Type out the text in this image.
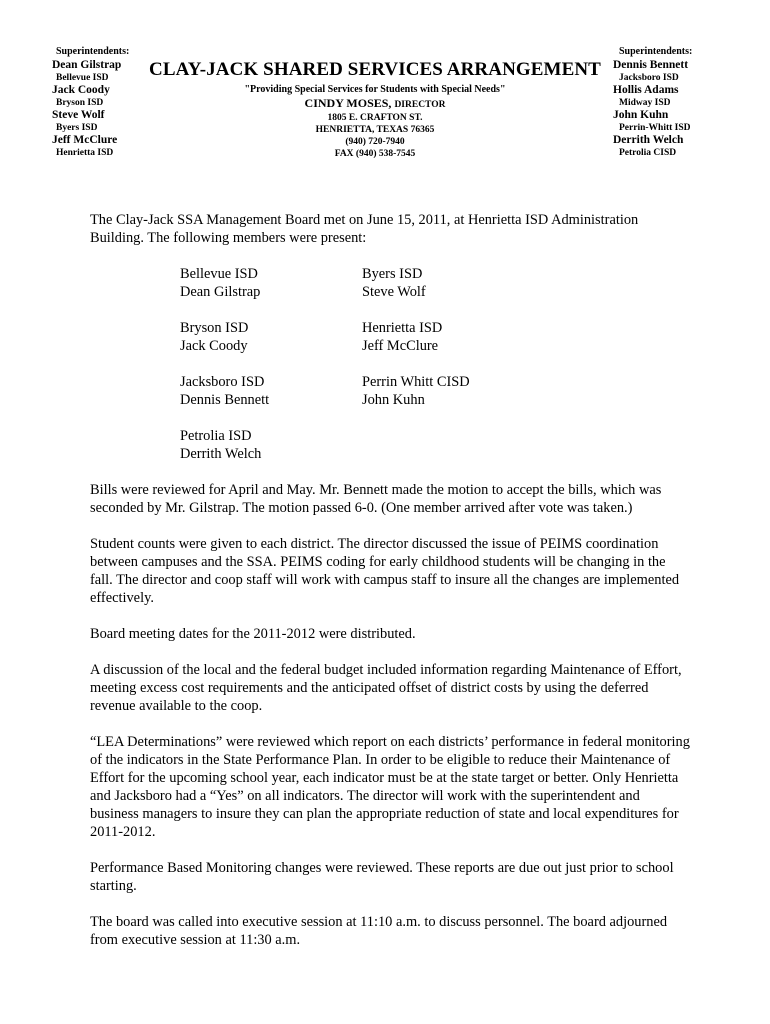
Superintendents:
Dean Gilstrap
Bellevue ISD
Jack Coody
Bryson ISD
Steve Wolf
Byers ISD
Jeff McClure
Henrietta ISD
CLAY-JACK SHARED SERVICES ARRANGEMENT
"Providing Special Services for Students with Special Needs"
CINDY MOSES, DIRECTOR
1805 E. CRAFTON ST.
HENRIETTA, TEXAS 76365
(940) 720-7940
FAX (940) 538-7545
Superintendents:
Dennis Bennett
Jacksboro ISD
Hollis Adams
Midway ISD
John Kuhn
Perrin-Whitt ISD
Derrith Welch
Petrolia CISD

The Clay-Jack SSA Management Board met on June 15, 2011, at Henrietta ISD Administration Building. The following members were present:

Bellevue ISD
Dean Gilstrap
Byers ISD
Steve Wolf
Bryson ISD
Jack Coody
Henrietta ISD
Jeff McClure
Jacksboro ISD
Dennis Bennett
Perrin Whitt CISD
John Kuhn
Petrolia ISD
Derrith Welch

Bills were reviewed for April and May. Mr. Bennett made the motion to accept the bills, which was seconded by Mr. Gilstrap. The motion passed 6-0. (One member arrived after vote was taken.)

Student counts were given to each district. The director discussed the issue of PEIMS coordination between campuses and the SSA. PEIMS coding for early childhood students will be changing in the fall. The director and coop staff will work with campus staff to insure all the changes are implemented effectively.

Board meeting dates for the 2011-2012 were distributed.

A discussion of the local and the federal budget included information regarding Maintenance of Effort, meeting excess cost requirements and the anticipated offset of district costs by using the deferred revenue available to the coop.

“LEA Determinations” were reviewed which report on each districts’ performance in federal monitoring of the indicators in the State Performance Plan. In order to be eligible to reduce their Maintenance of Effort for the upcoming school year, each indicator must be at the state target or better. Only Henrietta and Jacksboro had a “Yes” on all indicators. The director will work with the superintendent and business managers to insure they can plan the appropriate reduction of state and local expenditures for 2011-2012.

Performance Based Monitoring changes were reviewed. These reports are due out just prior to school starting.

The board was called into executive session at 11:10 a.m. to discuss personnel. The board adjourned from executive session at 11:30 a.m.
